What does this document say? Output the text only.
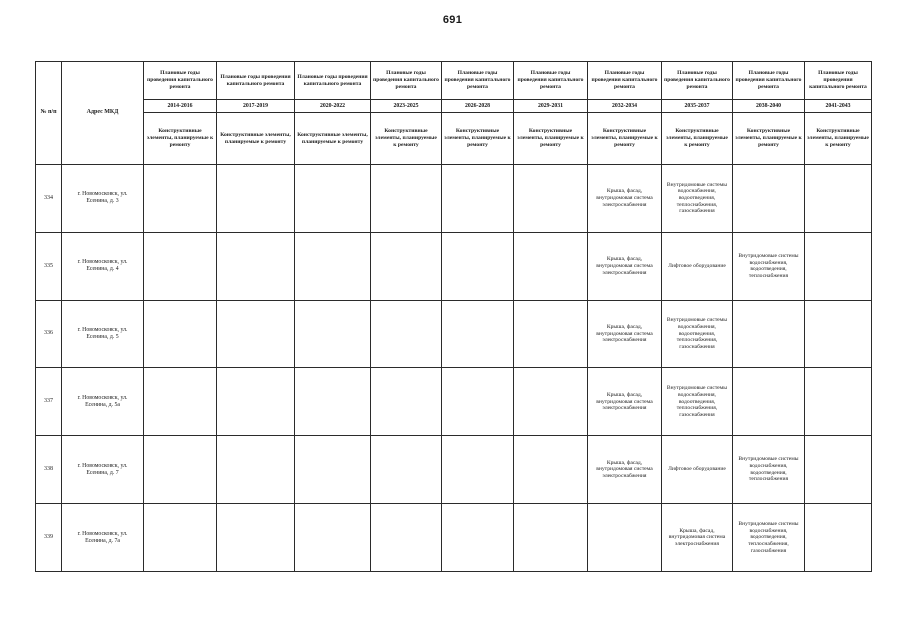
691
№ п/п	Адрес МКД	Плановые годы проведения капитального ремонта	Плановые годы проведения капитального ремонта	Плановые годы проведения капитального ремонта	Плановые годы проведения капитального ремонта	Плановые годы проведения капитального ремонта	Плановые годы проведения капитального ремонта	Плановые годы проведения капитального ремонта	Плановые годы проведения капитального ремонта	Плановые годы проведения капитального ремонта	Плановые годы проведения капитального ремонта
		2014-2016	2017-2019	2020-2022	2023-2025	2026-2028	2029-2031	2032-2034	2035-2037	2038-2040	2041-2043
		Конструктивные элементы, планируемые к ремонту	Конструктивные элементы, планируемые к ремонту	Конструктивные элементы, планируемые к ремонту	Конструктивные элементы, планируемые к ремонту	Конструктивные элементы, планируемые к ремонту	Конструктивные элементы, планируемые к ремонту	Конструктивные элементы, планируемые к ремонту	Конструктивные элементы, планируемые к ремонту	Конструктивные элементы, планируемые к ремонту	Конструктивные элементы, планируемые к ремонту
334	г. Новомосковск, ул. Есенина, д. 3							Крыша, фасад, внутридомовая система электроснабжения	Внутридомовые системы водоснабжения, водоотведения, теплоснабжения, газоснабжения		
335	г. Новомосковск, ул. Есенина, д. 4							Крыша, фасад, внутридомовая система электроснабжения	Лифтовое оборудование	Внутридомовые системы водоснабжения, водоотведения, теплоснабжения	
336	г. Новомосковск, ул. Есенина, д. 5							Крыша, фасад, внутридомовая система электроснабжения	Внутридомовые системы водоснабжения, водоотведения, теплоснабжения, газоснабжения		
337	г. Новомосковск, ул. Есенина, д. 5а							Крыша, фасад, внутридомовая система электроснабжения	Внутридомовые системы водоснабжения, водоотведения, теплоснабжения, газоснабжения		
338	г. Новомосковск, ул. Есенина, д. 7							Крыша, фасад, внутридомовая система электроснабжения	Лифтовое оборудование	Внутридомовые системы водоснабжения, водоотведения, теплоснабжения	
339	г. Новомосковск, ул. Есенина, д. 7а								Крыша, фасад, внутридомовая система электроснабжения	Внутридомовые системы водоснабжения, водоотведения, теплоснабжения, газоснабжения	
